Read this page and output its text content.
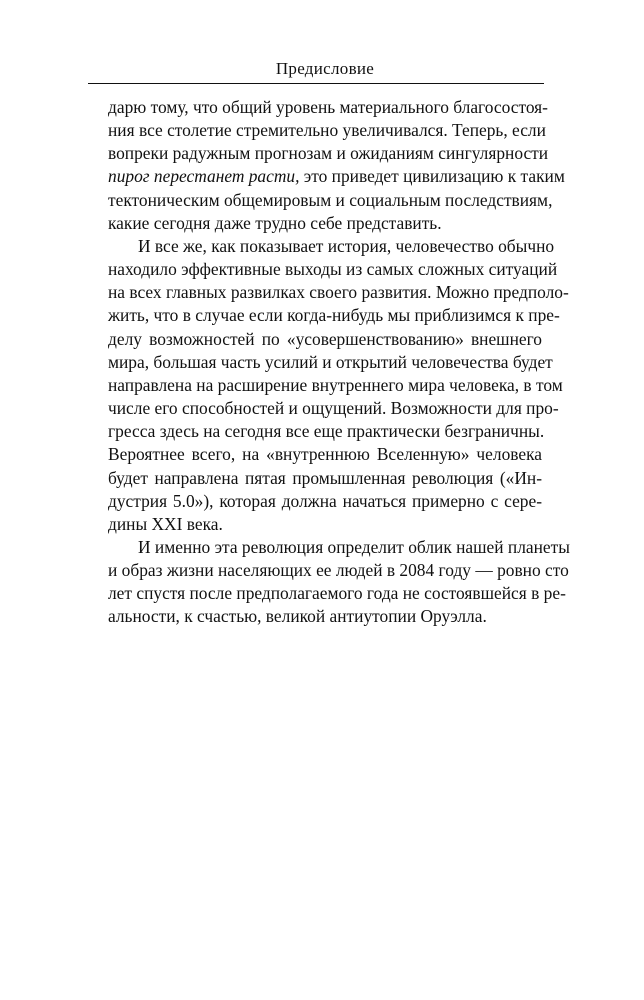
Предисловие

дарю тому, что общий уровень материального благосостоя-
ния все столетие стремительно увеличивался. Теперь, если
вопреки радужным прогнозам и ожиданиям сингулярности
пирог перестанет расти, это приведет цивилизацию к таким
тектоническим общемировым и социальным последствиям,
какие сегодня даже трудно себе представить.

И все же, как показывает история, человечество обычно
находило эффективные выходы из самых сложных ситуаций
на всех главных развилках своего развития. Можно предполо-
жить, что в случае если когда-нибудь мы приблизимся к пре-
делу возможностей по «усовершенствованию» внешнего
мира, большая часть усилий и открытий человечества будет
направлена на расширение внутреннего мира человека, в том
числе его способностей и ощущений. Возможности для про-
гресса здесь на сегодня все еще практически безграничны.
Вероятнее всего, на «внутреннюю Вселенную» человека
будет направлена пятая промышленная революция («Ин-
дустрия 5.0»), которая должна начаться примерно с сере-
дины XXI века.

И именно эта революция определит облик нашей планеты
и образ жизни населяющих ее людей в 2084 году — ровно сто
лет спустя после предполагаемого года не состоявшейся в ре-
альности, к счастью, великой антиутопии Оруэлла.
